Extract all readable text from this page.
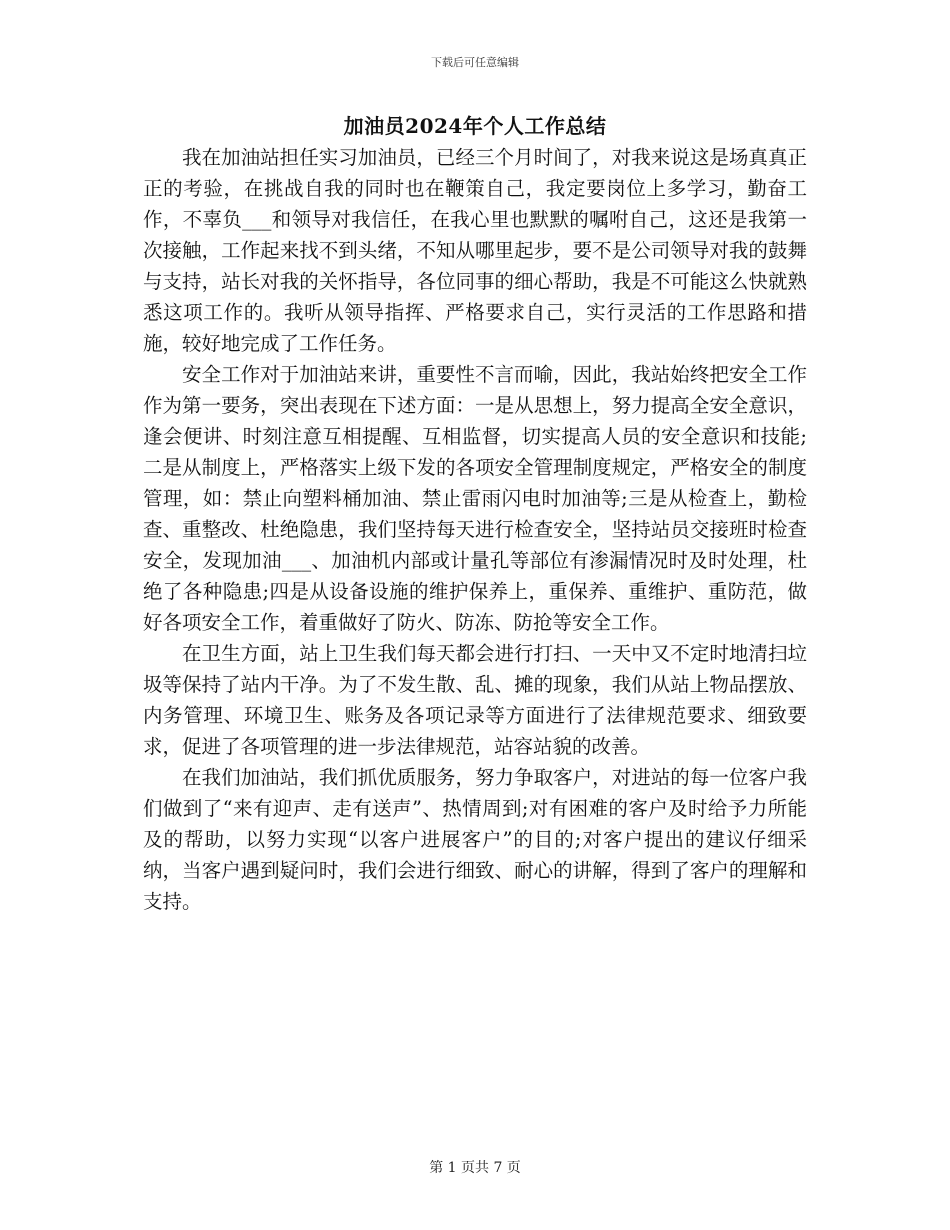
下载后可任意编辑
加油员2024年个人工作总结

我在加油站担任实习加油员，已经三个月时间了，对我来说这是场真真正正的考验，在挑战自我的同时也在鞭策自己，我定要岗位上多学习，勤奋工作，不辜负___和领导对我信任，在我心里也默默的嘱咐自己，这还是我第一次接触，工作起来找不到头绪，不知从哪里起步，要不是公司领导对我的鼓舞与支持，站长对我的关怀指导，各位同事的细心帮助，我是不可能这么快就熟悉这项工作的。我听从领导指挥、严格要求自己，实行灵活的工作思路和措施，较好地完成了工作任务。

安全工作对于加油站来讲，重要性不言而喻，因此，我站始终把安全工作作为第一要务，突出表现在下述方面：一是从思想上，努力提高全安全意识，逢会便讲、时刻注意互相提醒、互相监督，切实提高人员的安全意识和技能;二是从制度上，严格落实上级下发的各项安全管理制度规定，严格安全的制度管理，如：禁止向塑料桶加油、禁止雷雨闪电时加油等;三是从检查上，勤检查、重整改、杜绝隐患，我们坚持每天进行检查安全，坚持站员交接班时检查安全，发现加油___、加油机内部或计量孔等部位有渗漏情况时及时处理，杜绝了各种隐患;四是从设备设施的维护保养上，重保养、重维护、重防范，做好各项安全工作，着重做好了防火、防冻、防抢等安全工作。

在卫生方面，站上卫生我们每天都会进行打扫、一天中又不定时地清扫垃圾等保持了站内干净。为了不发生散、乱、摊的现象，我们从站上物品摆放、内务管理、环境卫生、账务及各项记录等方面进行了法律规范要求、细致要求，促进了各项管理的进一步法律规范，站容站貌的改善。

在我们加油站，我们抓优质服务，努力争取客户，对进站的每一位客户我们做到了“来有迎声、走有送声”、热情周到;对有困难的客户及时给予力所能及的帮助，以努力实现“以客户进展客户”的目的;对客户提出的建议仔细采纳，当客户遇到疑问时，我们会进行细致、耐心的讲解，得到了客户的理解和支持。

第 1 页共 7 页
